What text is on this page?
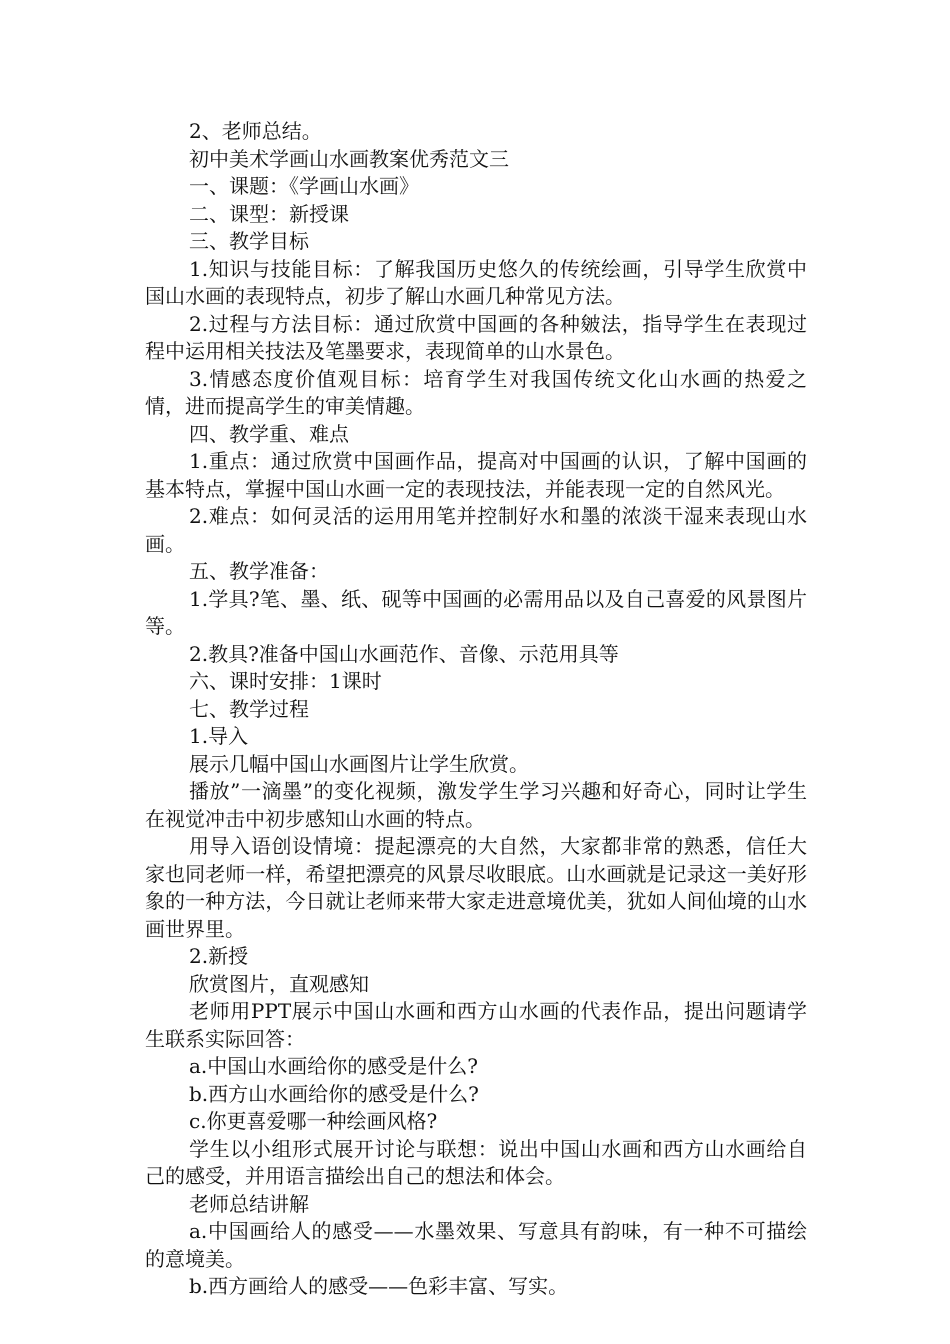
2、老师总结。

初中美术学画山水画教案优秀范文三

一、课题：《学画山水画》

二、课型：新授课

三、教学目标

1.知识与技能目标：了解我国历史悠久的传统绘画，引导学生欣赏中国山水画的表现特点，初步了解山水画几种常见方法。

2.过程与方法目标：通过欣赏中国画的各种皴法，指导学生在表现过程中运用相关技法及笔墨要求，表现简单的山水景色。

3.情感态度价值观目标：培育学生对我国传统文化山水画的热爱之情，进而提高学生的审美情趣。

四、教学重、难点

1.重点：通过欣赏中国画作品，提高对中国画的认识，了解中国画的基本特点，掌握中国山水画一定的表现技法，并能表现一定的自然风光。

2.难点：如何灵活的运用用笔并控制好水和墨的浓淡干湿来表现山水画。

五、教学准备：

1.学具?笔、墨、纸、砚等中国画的必需用品以及自己喜爱的风景图片等。

2.教具?准备中国山水画范作、音像、示范用具等

六、课时安排：1课时

七、教学过程

1.导入

展示几幅中国山水画图片让学生欣赏。

播放”一滴墨”的变化视频，激发学生学习兴趣和好奇心，同时让学生在视觉冲击中初步感知山水画的特点。

用导入语创设情境：提起漂亮的大自然，大家都非常的熟悉，信任大家也同老师一样，希望把漂亮的风景尽收眼底。山水画就是记录这一美好形象的一种方法，今日就让老师来带大家走进意境优美，犹如人间仙境的山水画世界里。

2.新授

欣赏图片，直观感知

老师用PPT展示中国山水画和西方山水画的代表作品，提出问题请学生联系实际回答：

a.中国山水画给你的感受是什么?

b.西方山水画给你的感受是什么?

c.你更喜爱哪一种绘画风格?

学生以小组形式展开讨论与联想：说出中国山水画和西方山水画给自己的感受，并用语言描绘出自己的想法和体会。

老师总结讲解

a.中国画给人的感受——水墨效果、写意具有韵味，有一种不可描绘的意境美。

b.西方画给人的感受——色彩丰富、写实。
